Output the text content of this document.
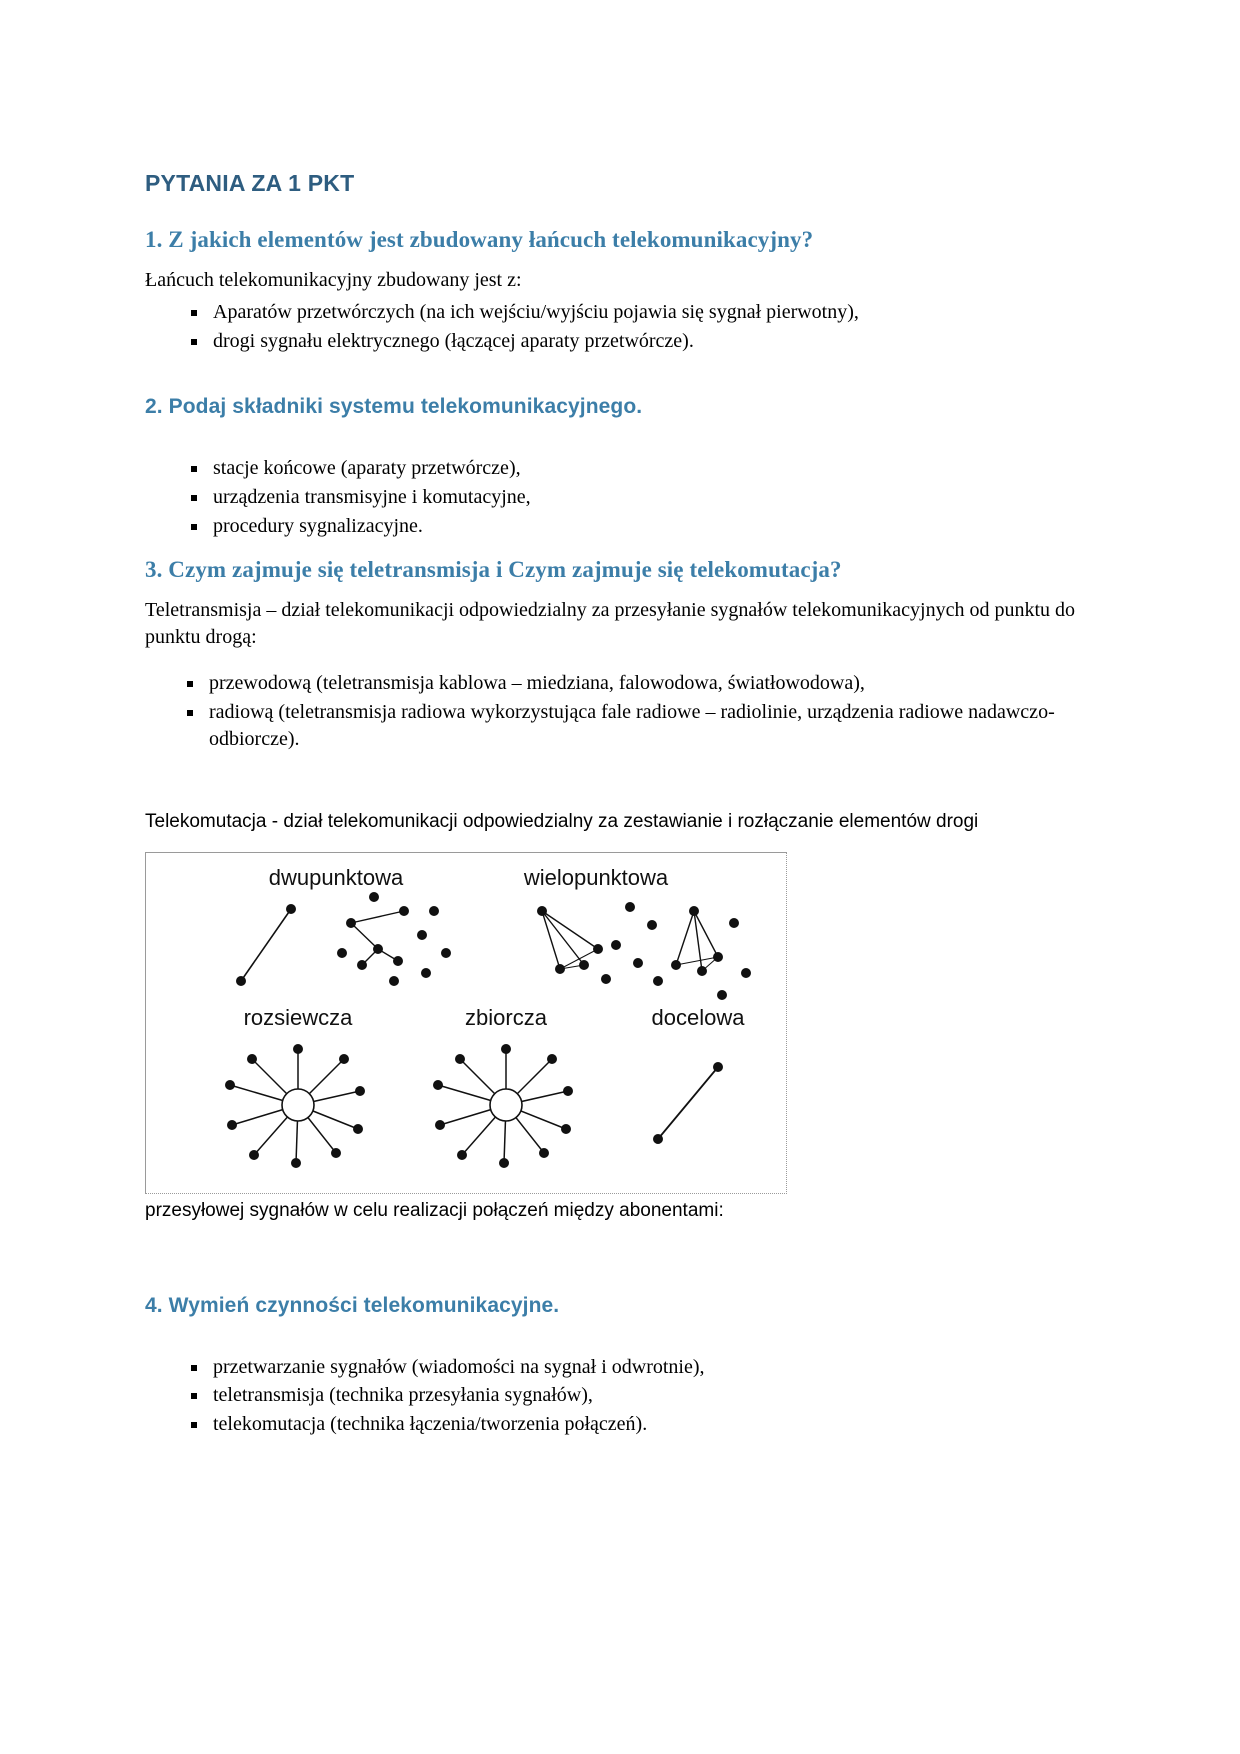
PYTANIA ZA 1 PKT
1. Z jakich elementów jest zbudowany łańcuch telekomunikacyjny?

Łańcuch telekomunikacyjny zbudowany jest z:

Aparatów przetwórczych (na ich wejściu/wyjściu pojawia się sygnał pierwotny),
drogi sygnału elektrycznego (łączącej aparaty przetwórcze).
2. Podaj składniki systemu telekomunikacyjnego.
stacje końcowe (aparaty przetwórcze),
urządzenia transmisyjne i komutacyjne,
procedury sygnalizacyjne.
3. Czym zajmuje się teletransmisja i Czym zajmuje się telekomutacja?

Teletransmisja – dział telekomunikacji odpowiedzialny za przesyłanie sygnałów telekomunikacyjnych od punktu do punktu drogą:

przewodową (teletransmisja kablowa – miedziana, falowodowa, światłowodowa),
radiową (teletransmisja radiowa wykorzystująca fale radiowe – radiolinie, urządzenia radiowe nadawczo-odbiorcze).

Telekomutacja - dział telekomunikacji odpowiedzialny za zestawianie i rozłączanie elementów drogi

dwupunktowa	wielopunktowa
rozsiewcza	zbiorcza	docelowa
przesyłowej sygnałów w celu realizacji połączeń między abonentami:
4. Wymień czynności telekomunikacyjne.
przetwarzanie sygnałów (wiadomości na sygnał i odwrotnie),
teletransmisja (technika przesyłania sygnałów),
telekomutacja (technika łączenia/tworzenia połączeń).
